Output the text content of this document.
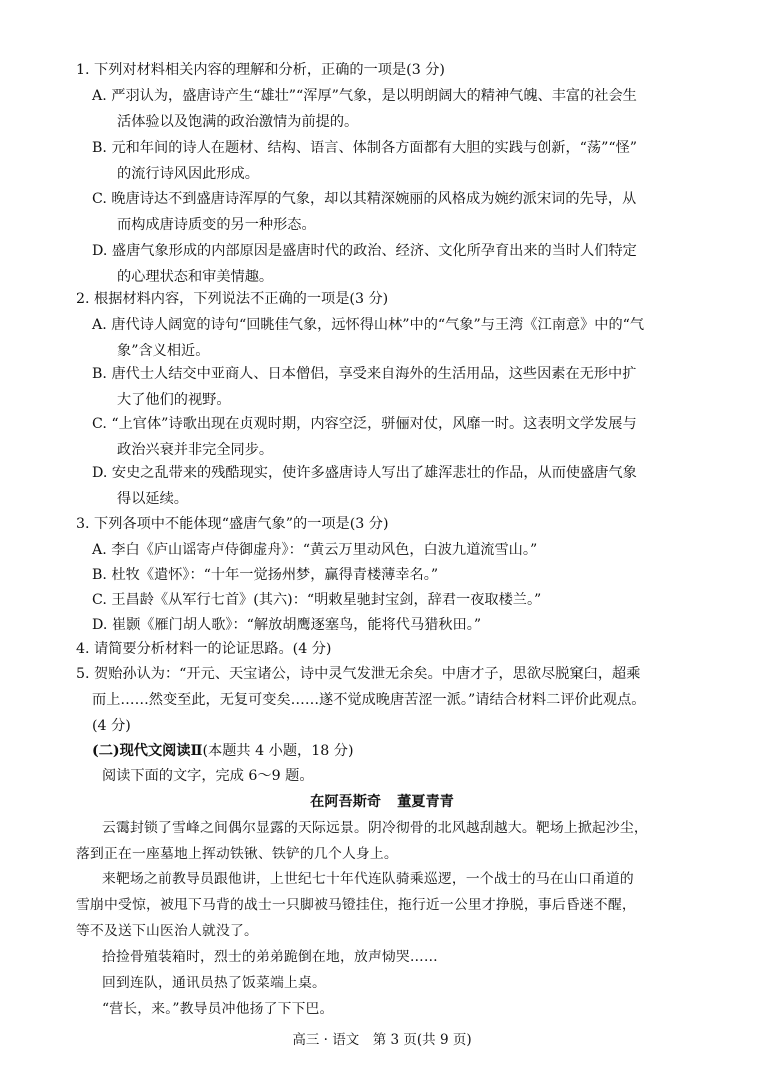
1. 下列对材料相关内容的理解和分析，正确的一项是(3 分)
A. 严羽认为，盛唐诗产生“雄壮”“浑厚”气象，是以明朗阔大的精神气魄、丰富的社会生
活体验以及饱满的政治激情为前提的。
B. 元和年间的诗人在题材、结构、语言、体制各方面都有大胆的实践与创新，“荡”“怪”
的流行诗风因此形成。
C. 晚唐诗达不到盛唐诗浑厚的气象，却以其精深婉丽的风格成为婉约派宋词的先导，从
而构成唐诗质变的另一种形态。
D. 盛唐气象形成的内部原因是盛唐时代的政治、经济、文化所孕育出来的当时人们特定
的心理状态和审美情趣。
2. 根据材料内容，下列说法不正确的一项是(3 分)
A. 唐代诗人阔宽的诗句“回眺佳气象，远怀得山林”中的“气象”与王湾《江南意》中的“气
象”含义相近。
B. 唐代士人结交中亚商人、日本僧侣，享受来自海外的生活用品，这些因素在无形中扩
大了他们的视野。
C. “上官体”诗歌出现在贞观时期，内容空泛，骈俪对仗，风靡一时。这表明文学发展与
政治兴衰并非完全同步。
D. 安史之乱带来的残酷现实，使许多盛唐诗人写出了雄浑悲壮的作品，从而使盛唐气象
得以延续。
3. 下列各项中不能体现“盛唐气象”的一项是(3 分)
A. 李白《庐山谣寄卢侍御虚舟》：“黄云万里动风色，白波九道流雪山。”
B. 杜牧《遣怀》：“十年一觉扬州梦，赢得青楼薄幸名。”
C. 王昌龄《从军行七首》(其六)：“明敕星驰封宝剑，辞君一夜取楼兰。”
D. 崔颢《雁门胡人歌》：“解放胡鹰逐塞鸟，能将代马猎秋田。”
4. 请简要分析材料一的论证思路。(4 分)
5. 贺贻孙认为：“开元、天宝诸公，诗中灵气发泄无余矣。中唐才子，思欲尽脱窠臼，超乘
而上……然变至此，无复可变矣……遂不觉成晚唐苦涩一派。”请结合材料二评价此观点。
(4 分)
(二)现代文阅读Ⅱ(本题共 4 小题，18 分)
阅读下面的文字，完成 6～9 题。
在阿吾斯奇 董夏青青
云霭封锁了雪峰之间偶尔显露的天际远景。阴冷彻骨的北风越刮越大。靶场上掀起沙尘，
落到正在一座墓地上挥动铁锹、铁铲的几个人身上。
来靶场之前教导员跟他讲，上世纪七十年代连队骑乘巡逻，一个战士的马在山口甬道的
雪崩中受惊，被甩下马背的战士一只脚被马镫挂住，拖行近一公里才挣脱，事后昏迷不醒，
等不及送下山医治人就没了。
拾捡骨殖装箱时，烈士的弟弟跪倒在地，放声恸哭……
回到连队，通讯员热了饭菜端上桌。
“营长，来。”教导员冲他扬了下下巴。
高三 · 语文　第 3 页(共 9 页)
